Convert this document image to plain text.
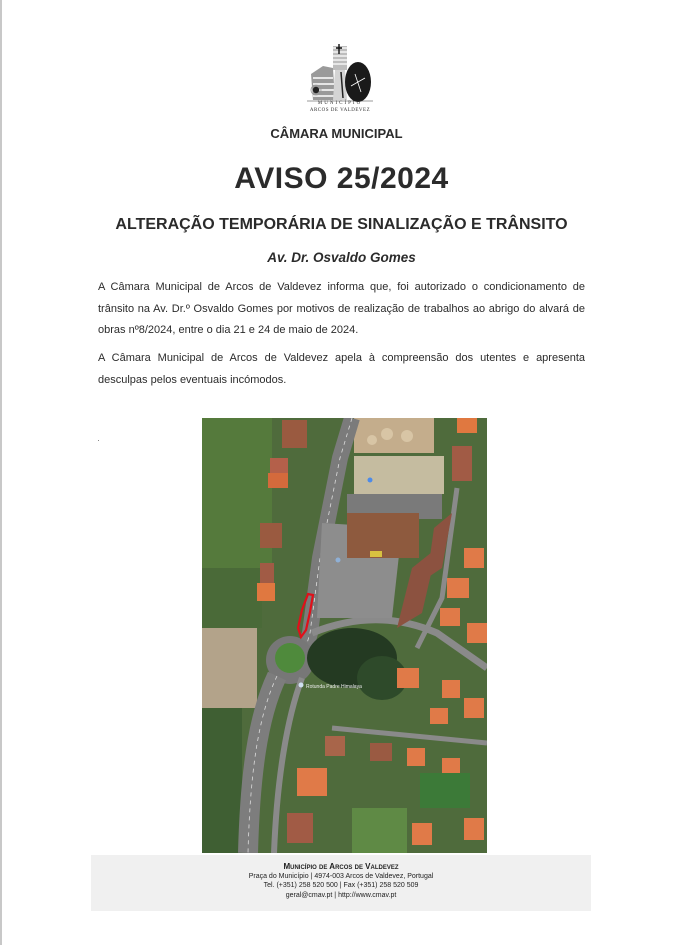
MUNICÍPIO
ARCOS DE VALDEVEZ
CÂMARA MUNICIPAL
AVISO 25/2024
ALTERAÇÃO TEMPORÁRIA DE SINALIZAÇÃO E TRÂNSITO
Av. Dr. Osvaldo Gomes
A Câmara Municipal de Arcos de Valdevez informa que, foi autorizado o condicionamento de trânsito na Av. Dr.º Osvaldo Gomes por motivos de realização de trabalhos ao abrigo do alvará de obras nº8/2024, entre o dia 21 e 24 de maio de 2024.
A Câmara Municipal de Arcos de Valdevez apela à compreensão dos utentes e apresenta desculpas pelos eventuais incómodos.
Rotunda Padre Himalaya
Município de Arcos de Valdevez
Praça do Município | 4974-003 Arcos de Valdevez, Portugal
Tel. (+351) 258 520 500 | Fax (+351) 258 520 509
geral@cmav.pt | http://www.cmav.pt
